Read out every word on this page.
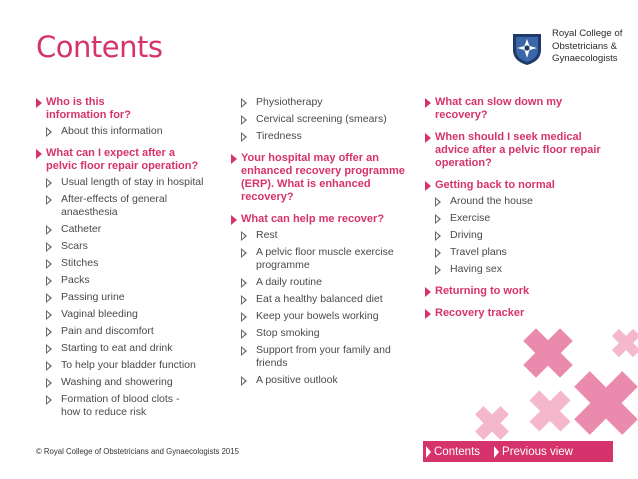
Contents	Royal College of
Obstetricians &
Gynaecologists
Who is this
information for?
About this information
What can I expect after a
pelvic floor repair operation?
Usual length of stay in hospital
After-effects of general
anaesthesia
Catheter
Scars
Stitches
Packs
Passing urine
Vaginal bleeding
Pain and discomfort
Starting to eat and drink
To help your bladder function
Washing and showering
Formation of blood clots -
how to reduce risk
Physiotherapy
Cervical screening (smears)
Tiredness
Your hospital may offer an
enhanced recovery programme
(ERP). What is enhanced
recovery?
What can help me recover?
Rest
A pelvic floor muscle exercise
programme
A daily routine
Eat a healthy balanced diet
Keep your bowels working
Stop smoking
Support from your family and
friends
A positive outlook
What can slow down my
recovery?
When should I seek medical
advice after a pelvic floor repair
operation?
Getting back to normal
Around the house
Exercise
Driving
Travel plans
Having sex
Returning to work
Recovery tracker
© Royal College of Obstetricians and Gynaecologists 2015	Contents Previous view
